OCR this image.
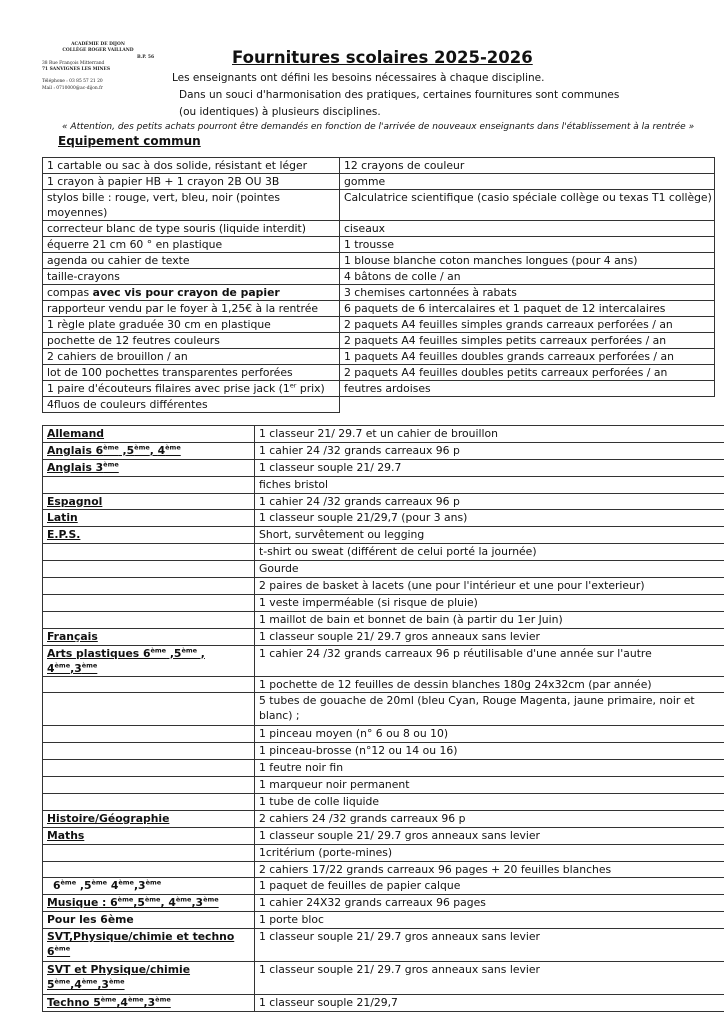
ACADÉMIE DE DIJON
COLLÈGE ROGER VAILLAND
B.P. 56
38 Rue François Mitterrand
71 SANVIGNES LES MINES
Téléphone : 03 85 57 21 20
Mail : 0710000@ac-dijon.fr
Fournitures scolaires 2025-2026

Les enseignants ont défini les besoins nécessaires à chaque discipline.

Dans un souci d'harmonisation des pratiques, certaines fournitures sont communes

(ou identiques) à plusieurs disciplines.

« Attention, des petits achats pourront être demandés en fonction de l'arrivée de nouveaux enseignants dans l'établissement à la rentrée »

Equipement commun

1 cartable ou sac à dos solide, résistant et léger	12 crayons de couleur
1 crayon à papier HB + 1 crayon 2B OU 3B	gomme
stylos bille : rouge, vert, bleu, noir (pointes moyennes)	Calculatrice scientifique (casio spéciale collège ou texas T1 collège)
correcteur blanc de type souris (liquide interdit)	ciseaux
équerre 21 cm 60 ° en plastique	1 trousse
agenda ou cahier de texte	1 blouse blanche coton manches longues (pour 4 ans)
taille-crayons	4 bâtons de colle / an
compas avec vis pour crayon de papier	3 chemises cartonnées à rabats
rapporteur vendu par le foyer à 1,25€ à la rentrée	6 paquets de 6 intercalaires et 1 paquet de 12 intercalaires
1 règle plate graduée 30 cm en plastique	2 paquets A4 feuilles simples grands carreaux perforées / an
pochette de 12 feutres couleurs	2 paquets A4 feuilles simples petits carreaux perforées / an
2 cahiers de brouillon / an	1 paquets A4 feuilles doubles grands carreaux perforées / an
lot de 100 pochettes transparentes perforées	2 paquets A4 feuilles doubles petits carreaux perforées / an
1 paire d'écouteurs filaires avec prise jack (1er prix)	feutres ardoises
4fluos de couleurs différentes	
Allemand	1 classeur 21/ 29.7 et un cahier de brouillon
Anglais 6ème ,5ème, 4ème	1 cahier 24 /32 grands carreaux 96 p
Anglais 3ème	1 classeur souple 21/ 29.7
	fiches bristol
Espagnol	1 cahier 24 /32 grands carreaux 96 p
Latin	1 classeur souple 21/29,7 (pour 3 ans)
E.P.S.	Short, survêtement ou legging
	t-shirt ou sweat (différent de celui porté la journée)
	Gourde
	2 paires de basket à lacets (une pour l'intérieur et une pour l'exterieur)
	1 veste imperméable (si risque de pluie)
	1 maillot de bain et bonnet de bain (à partir du 1er Juin)
Français	1 classeur souple 21/ 29.7 gros anneaux sans levier
Arts plastiques 6ème ,5ème , 4ème,3ème	1 cahier 24 /32 grands carreaux 96 p réutilisable d'une année sur l'autre
	1 pochette de 12 feuilles de dessin blanches 180g 24x32cm (par année)
	5 tubes de gouache de 20ml (bleu Cyan, Rouge Magenta, jaune primaire, noir et blanc) ;
	1 pinceau moyen (n° 6 ou 8 ou 10)
	1 pinceau-brosse (n°12 ou 14 ou 16)
	1 feutre noir fin
	1 marqueur noir permanent
	1 tube de colle liquide
Histoire/Géographie	2 cahiers 24 /32 grands carreaux 96 p
Maths	1 classeur souple 21/ 29.7 gros anneaux sans levier
	1critérium (porte-mines)
	2 cahiers 17/22 grands carreaux 96 pages + 20 feuilles blanches
6ème ,5ème 4ème,3ème	1 paquet de feuilles de papier calque
Musique : 6ème,5ème, 4ème,3ème	1 cahier 24X32 grands carreaux 96 pages
Pour les 6ème	1 porte bloc
SVT,Physique/chimie et techno
6ème	1 classeur souple 21/ 29.7 gros anneaux sans levier
SVT et Physique/chimie
5ème,4ème,3ème	1 classeur souple 21/ 29.7 gros anneaux sans levier
Techno 5ème,4ème,3ème	1 classeur souple 21/29,7
